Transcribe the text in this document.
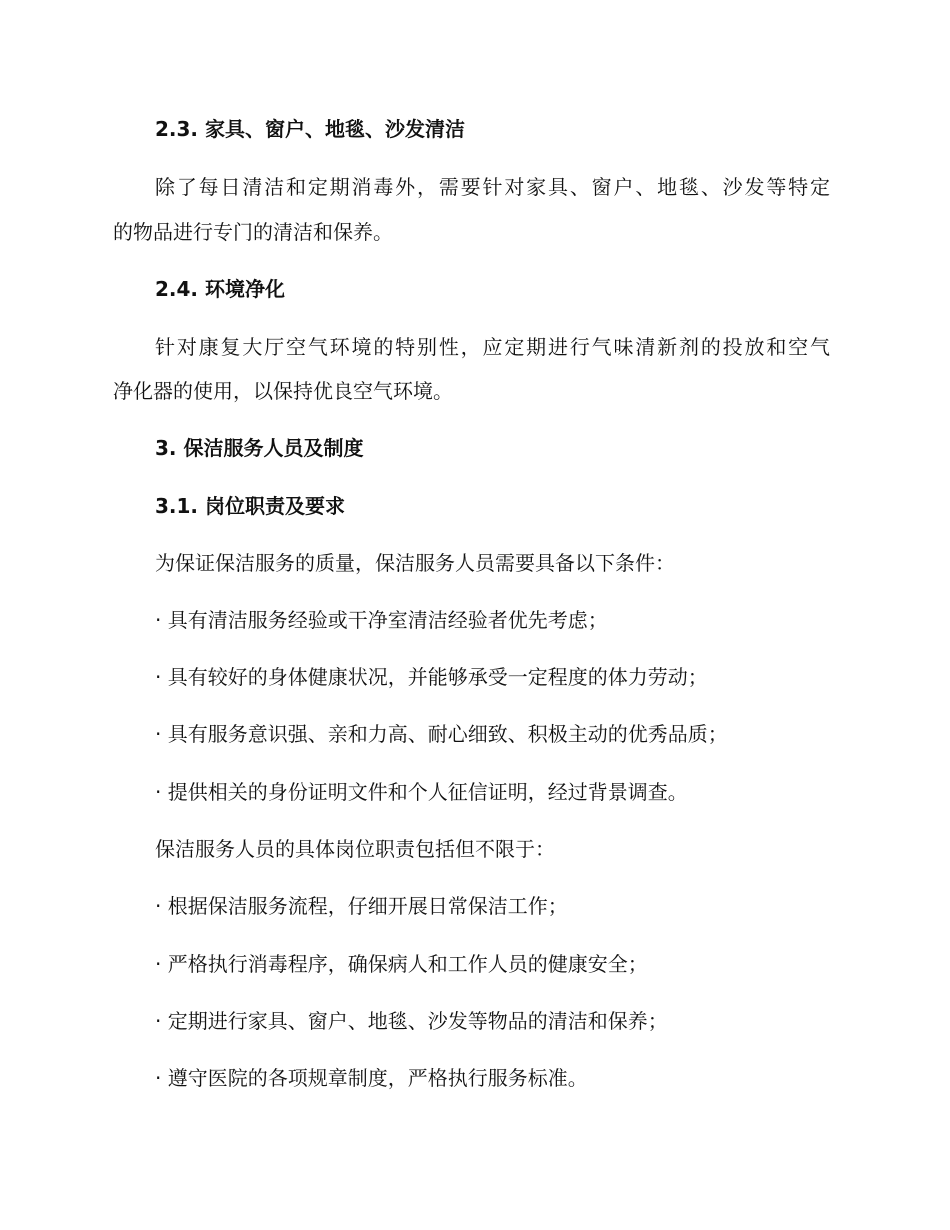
2.3. 家具、窗户、地毯、沙发清洁
除了每日清洁和定期消毒外，需要针对家具、窗户、地毯、沙发等特定
的物品进行专门的清洁和保养。
2.4. 环境净化
针对康复大厅空气环境的特别性，应定期进行气味清新剂的投放和空气
净化器的使用，以保持优良空气环境。
3. 保洁服务人员及制度
3.1. 岗位职责及要求
为保证保洁服务的质量，保洁服务人员需要具备以下条件：
· 具有清洁服务经验或干净室清洁经验者优先考虑；
· 具有较好的身体健康状况，并能够承受一定程度的体力劳动；
· 具有服务意识强、亲和力高、耐心细致、积极主动的优秀品质；
· 提供相关的身份证明文件和个人征信证明，经过背景调查。
保洁服务人员的具体岗位职责包括但不限于：
· 根据保洁服务流程，仔细开展日常保洁工作；
· 严格执行消毒程序，确保病人和工作人员的健康安全；
· 定期进行家具、窗户、地毯、沙发等物品的清洁和保养；
· 遵守医院的各项规章制度，严格执行服务标准。
